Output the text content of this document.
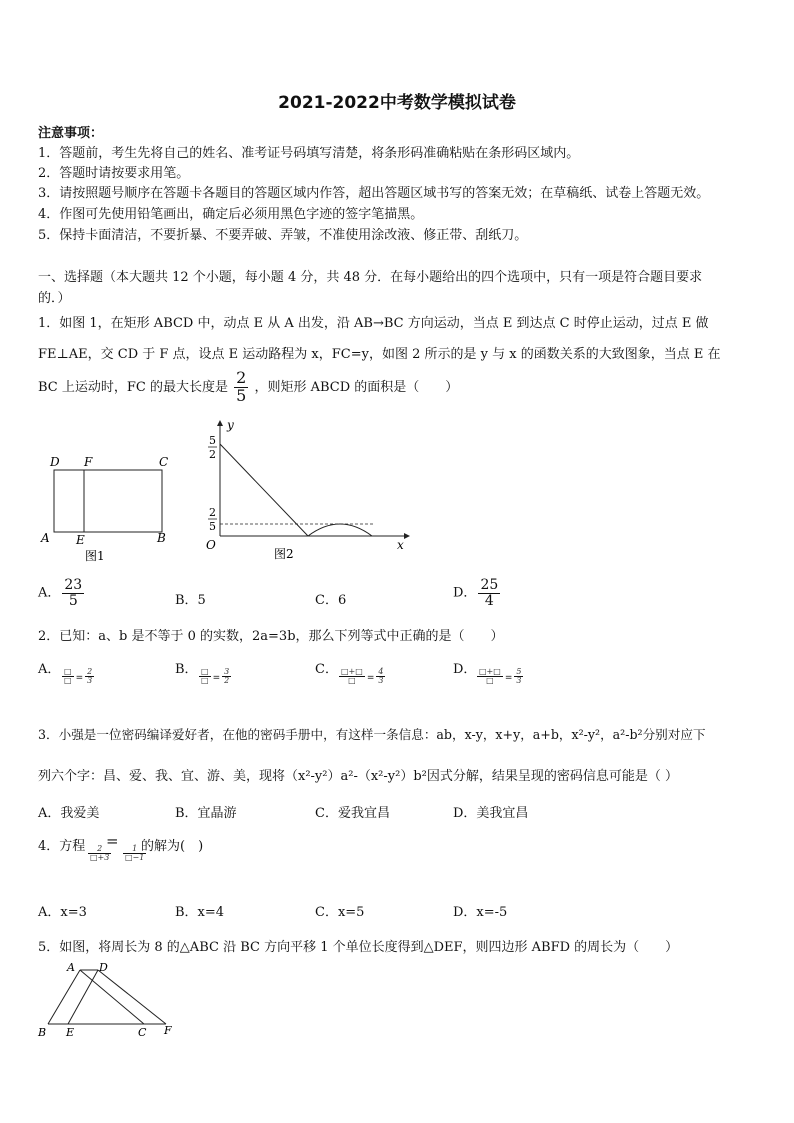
2021-2022中考数学模拟试卷
注意事项：
1．答题前，考生先将自己的姓名、准考证号码填写清楚，将条形码准确粘贴在条形码区域内。
2．答题时请按要求用笔。
3．请按照题号顺序在答题卡各题目的答题区域内作答，超出答题区域书写的答案无效；在草稿纸、试卷上答题无效。
4．作图可先使用铅笔画出，确定后必须用黑色字迹的签字笔描黑。
5．保持卡面清洁，不要折暴、不要弄破、弄皱，不准使用涂改液、修正带、刮纸刀。
一、选择题（本大题共 12 个小题，每小题 4 分，共 48 分．在每小题给出的四个选项中，只有一项是符合题目要求
的．）
1．如图 1，在矩形 ABCD 中，动点 E 从 A 出发，沿 AB→BC 方向运动，当点 E 到达点 C 时停止运动，过点 E 做
FE⊥AE，交 CD 于 F 点，设点 E 运动路程为 x，FC=y，如图 2 所示的是 y 与 x 的函数关系的大致图象，当点 E 在
BC 上运动时，FC 的最大长度是 $\frac{2}{5}$ ，则矩形 ABCD 的面积是（　　）
D F	C
A E	B
图1
y
x
O
5
2
2
5
图2
A． $\frac{23}{5}$	B．5	C．6	D． $\frac{25}{4}$
2．已知：a、b 是不等于 0 的实数，2a=3b，那么下列等式中正确的是（　　）
A． $\frac{□}{□} = \frac{2}{3}$	B． $\frac{□}{□} = \frac{3}{2}$	C． $\frac{□+□}{□} = \frac{4}{3}$	D． $\frac{□+□}{□} = \frac{5}{3}$
3．小强是一位密码编译爱好者，在他的密码手册中，有这样一条信息：ab，x-y，x+y，a+b，x²-y²，a²-b²分别对应下
列六个字：昌、爱、我、宜、游、美，现将（x²-y²）a²-（x²-y²）b²因式分解，结果呈现的密码信息可能是（ ）
A．我爱美	B．宜晶游	C．爱我宜昌	D．美我宜昌
4．方程 $\frac{2}{□+3}$
=
$\frac{1}{□-1}$
的解为(　)
A．x=3	B．x=4	C．x=5	D．x=-5
5．如图，将周长为 8 的△ABC 沿 BC 方向平移 1 个单位长度得到△DEF，则四边形 ABFD 的周长为（　　）
A D
B E	C F
